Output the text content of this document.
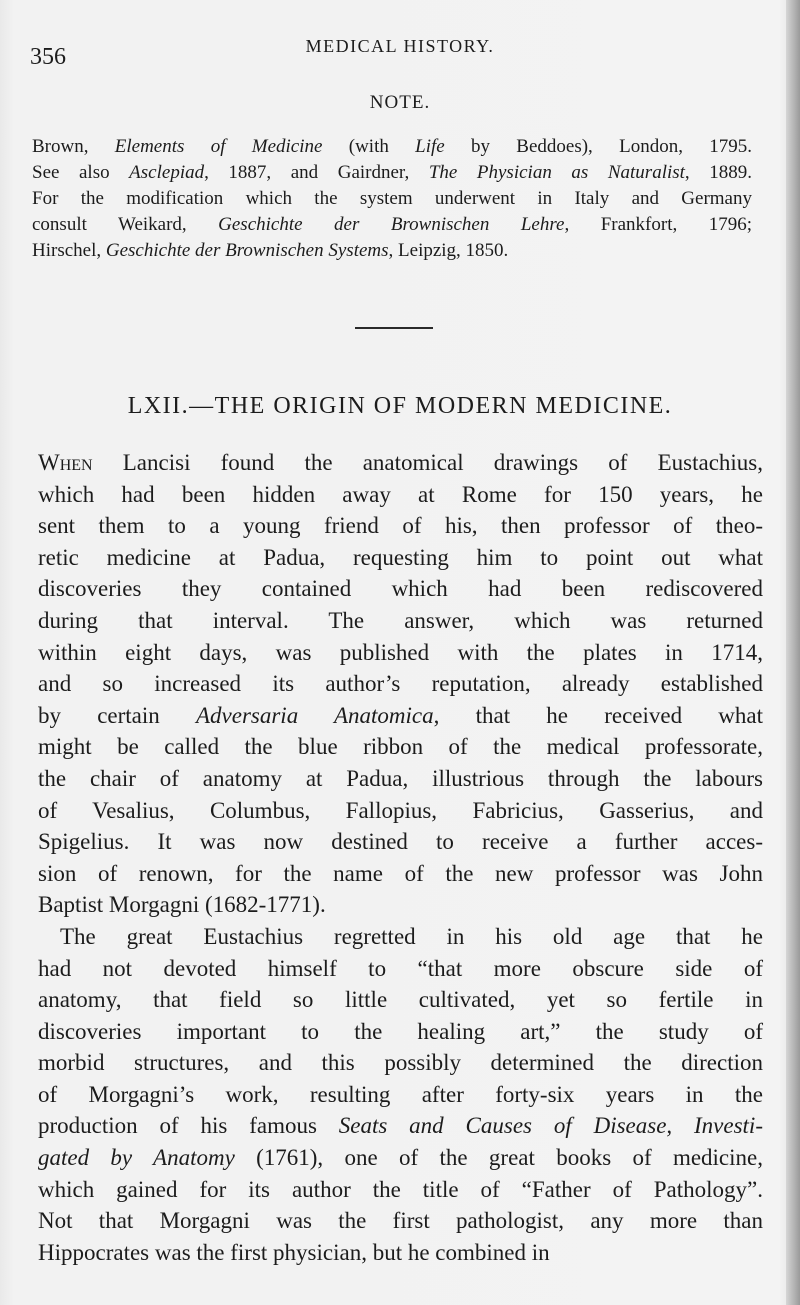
356	MEDICAL HISTORY.
NOTE.
Brown, Elements of Medicine (with Life by Beddoes), London, 1795.
See also Asclepiad, 1887, and Gairdner, The Physician as Naturalist, 1889.
For the modification which the system underwent in Italy and Germany
consult Weikard, Geschichte der Brownischen Lehre, Frankfort, 1796;
Hirschel, Geschichte der Brownischen Systems, Leipzig, 1850.
LXII.—THE ORIGIN OF MODERN MEDICINE.
When Lancisi found the anatomical drawings of Eustachius,
which had been hidden away at Rome for 150 years, he
sent them to a young friend of his, then professor of theo-
retic medicine at Padua, requesting him to point out what
discoveries they contained which had been rediscovered
during that interval. The answer, which was returned
within eight days, was published with the plates in 1714,
and so increased its author’s reputation, already established
by certain Adversaria Anatomica, that he received what
might be called the blue ribbon of the medical professorate,
the chair of anatomy at Padua, illustrious through the labours
of Vesalius, Columbus, Fallopius, Fabricius, Gasserius, and
Spigelius. It was now destined to receive a further acces-
sion of renown, for the name of the new professor was John
Baptist Morgagni (1682-1771).
The great Eustachius regretted in his old age that he
had not devoted himself to “that more obscure side of
anatomy, that field so little cultivated, yet so fertile in
discoveries important to the healing art,” the study of
morbid structures, and this possibly determined the direction
of Morgagni’s work, resulting after forty-six years in the
production of his famous Seats and Causes of Disease, Investi-
gated by Anatomy (1761), one of the great books of medicine,
which gained for its author the title of “Father of Pathology”.
Not that Morgagni was the first pathologist, any more than
Hippocrates was the first physician, but he combined in
